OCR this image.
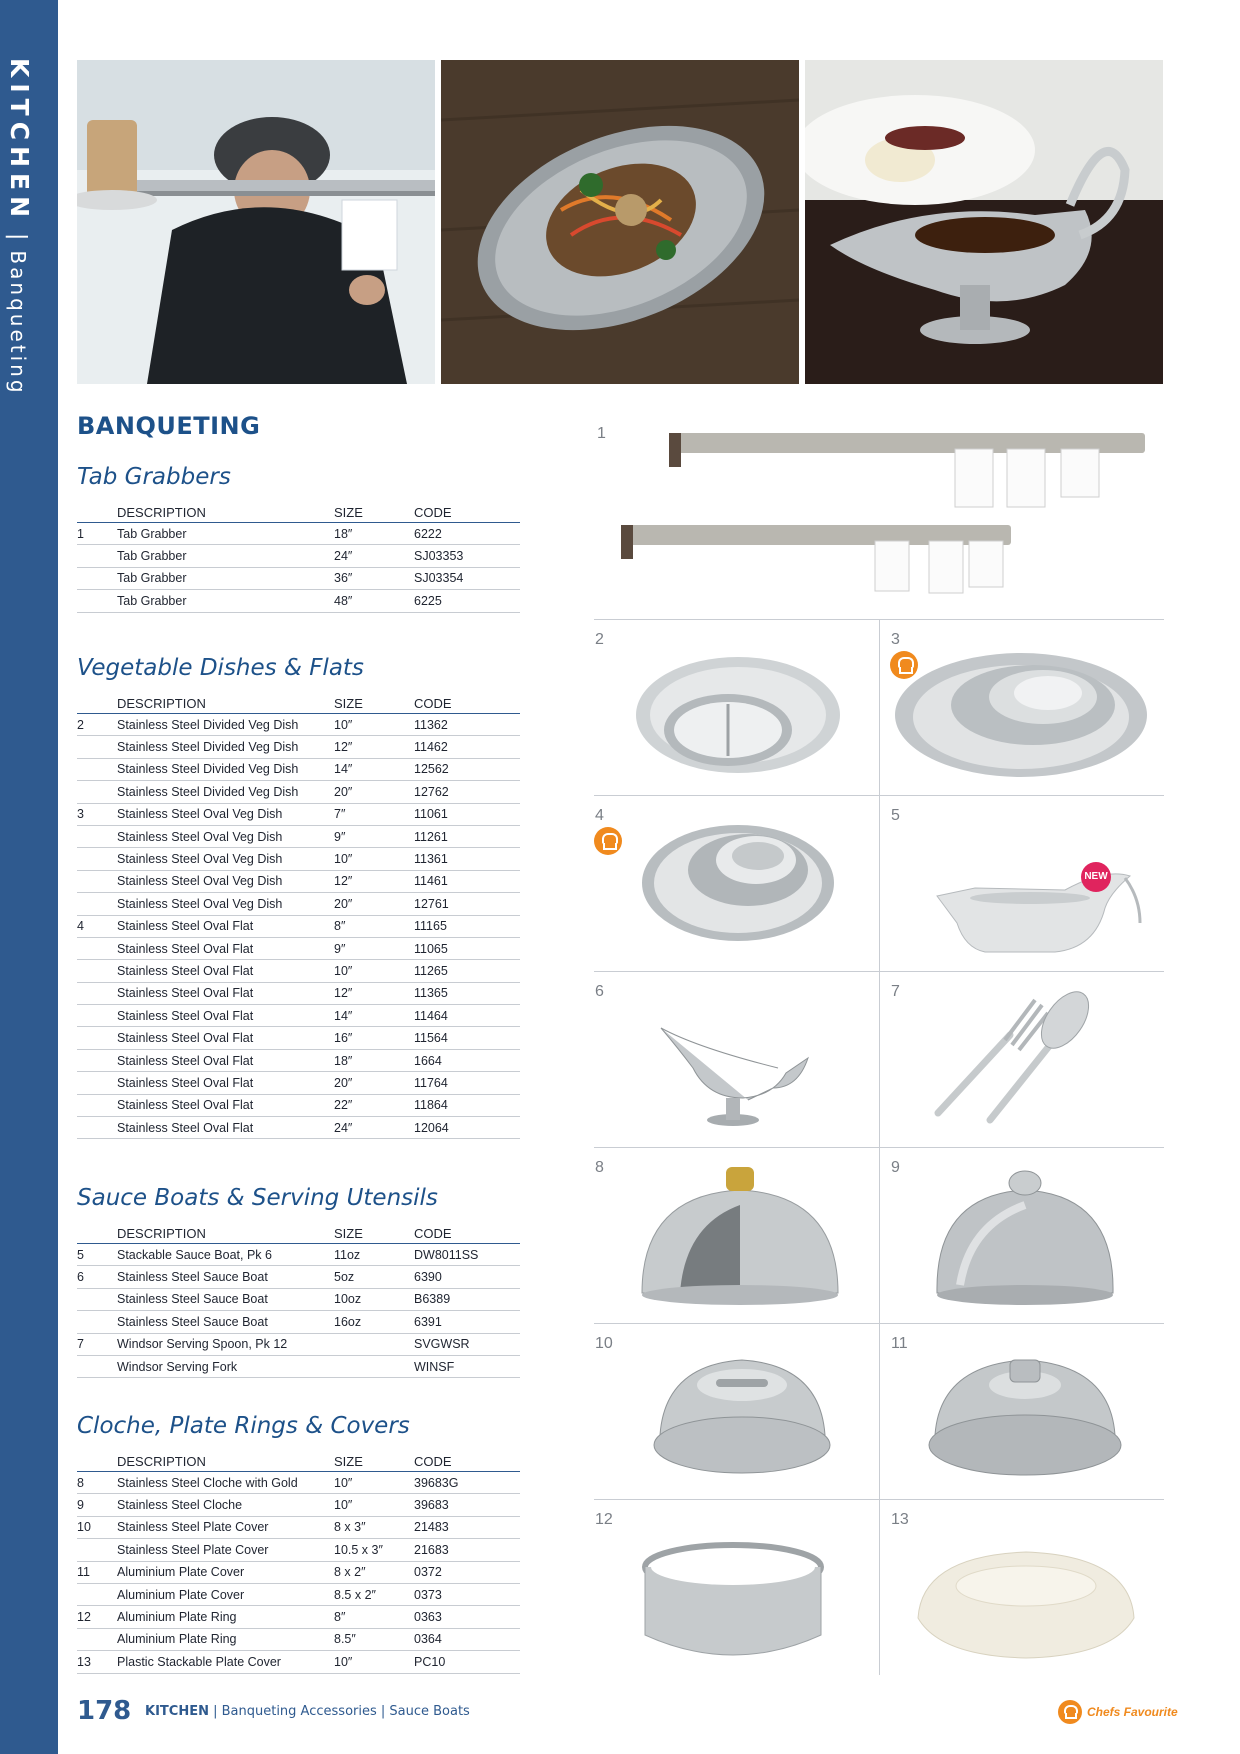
KITCHEN|Banqueting
BANQUETING
Tab Grabbers
	DESCRIPTION	SIZE	CODE
1	Tab Grabber	18″	6222
	Tab Grabber	24″	SJ03353
	Tab Grabber	36″	SJ03354
	Tab Grabber	48″	6225
Vegetable Dishes & Flats
	DESCRIPTION	SIZE	CODE
2	Stainless Steel Divided Veg Dish	10″	11362
	Stainless Steel Divided Veg Dish	12″	11462
	Stainless Steel Divided Veg Dish	14″	12562
	Stainless Steel Divided Veg Dish	20″	12762
3	Stainless Steel Oval Veg Dish	7″	11061
	Stainless Steel Oval Veg Dish	9″	11261
	Stainless Steel Oval Veg Dish	10″	11361
	Stainless Steel Oval Veg Dish	12″	11461
	Stainless Steel Oval Veg Dish	20″	12761
4	Stainless Steel Oval Flat	8″	11165
	Stainless Steel Oval Flat	9″	11065
	Stainless Steel Oval Flat	10″	11265
	Stainless Steel Oval Flat	12″	11365
	Stainless Steel Oval Flat	14″	11464
	Stainless Steel Oval Flat	16″	11564
	Stainless Steel Oval Flat	18″	1664
	Stainless Steel Oval Flat	20″	11764
	Stainless Steel Oval Flat	22″	11864
	Stainless Steel Oval Flat	24″	12064
Sauce Boats & Serving Utensils
	DESCRIPTION	SIZE	CODE
5	Stackable Sauce Boat, Pk 6	11oz	DW8011SS
6	Stainless Steel Sauce Boat	5oz	6390
	Stainless Steel Sauce Boat	10oz	B6389
	Stainless Steel Sauce Boat	16oz	6391
7	Windsor Serving Spoon, Pk 12		SVGWSR
	Windsor Serving Fork		WINSF
Cloche, Plate Rings & Covers
	DESCRIPTION	SIZE	CODE
8	Stainless Steel Cloche with Gold	10″	39683G
9	Stainless Steel Cloche	10″	39683
10	Stainless Steel Plate Cover	8 x 3″	21483
	Stainless Steel Plate Cover	10.5 x 3″	21683
11	Aluminium Plate Cover	8 x 2″	0372
	Aluminium Plate Cover	8.5 x 2″	0373
12	Aluminium Plate Ring	8″	0363
	Aluminium Plate Ring	8.5″	0364
13	Plastic Stackable Plate Cover	10″	PC10
1
2	3
4	5
6	7
8	9
10	11
12	13
NEW
178 KITCHEN | Banqueting Accessories | Sauce Boats	Chefs Favourite
